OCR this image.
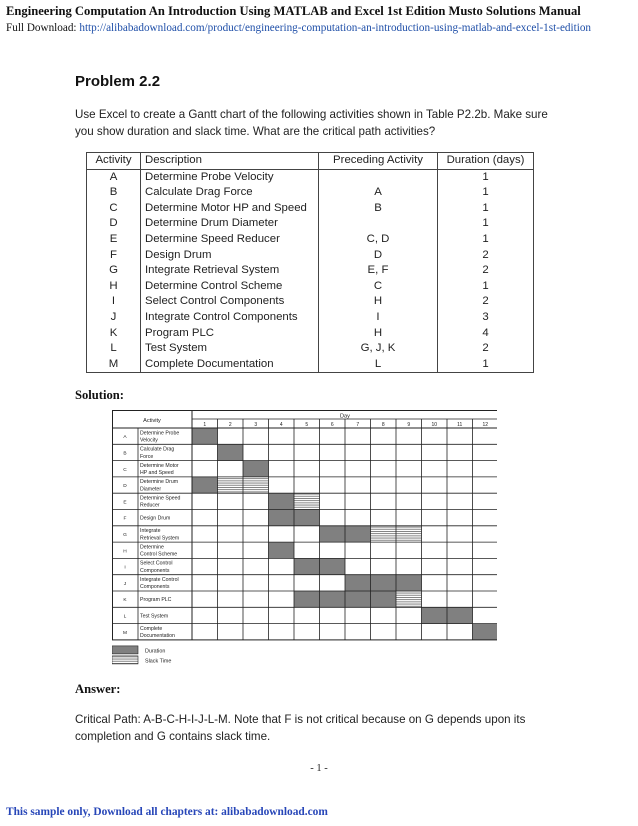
Engineering Computation An Introduction Using MATLAB and Excel 1st Edition Musto Solutions Manual
Full Download: http://alibabadownload.com/product/engineering-computation-an-introduction-using-matlab-and-excel-1st-edition
Problem 2.2
Use Excel to create a Gantt chart of the following activities shown in Table P2.2b. Make sure you show duration and slack time. What are the critical path activities?
Activity	Description	Preceding Activity	Duration (days)
A	Determine Probe Velocity		1
B	Calculate Drag Force	A	1
C	Determine Motor HP and Speed	B	1
D	Determine Drum Diameter		1
E	Determine Speed Reducer	C, D	1
F	Design Drum	D	2
G	Integrate Retrieval System	E, F	2
H	Determine Control Scheme	C	1
I	Select Control Components	H	2
J	Integrate Control Components	I	3
K	Program PLC	H	4
L	Test System	G, J, K	2
M	Complete Documentation	L	1
Solution:
Activity
Day
1	2	3	4	5	6	7	8	9	10	11	12
A
Determine Probe
Velocity
B
Calculate Drag
Force
C
Determine Motor
HP and Speed
D
Determine Drum
Diameter
E
Determine Speed
Reducer
F	Design Drum
G
Integrate
Retrieval System
H
Determine
Control Scheme
I
Select Control
Components
J
Integrate Control
Components
K	Program PLC
L	Test System
M
Complete
Documentation
Duration
Slack Time
Answer:
Critical Path: A-B-C-H-I-J-L-M. Note that F is not critical because on G depends upon its completion and G contains slack time.
- 1 -
This sample only, Download all chapters at: alibabadownload.com
